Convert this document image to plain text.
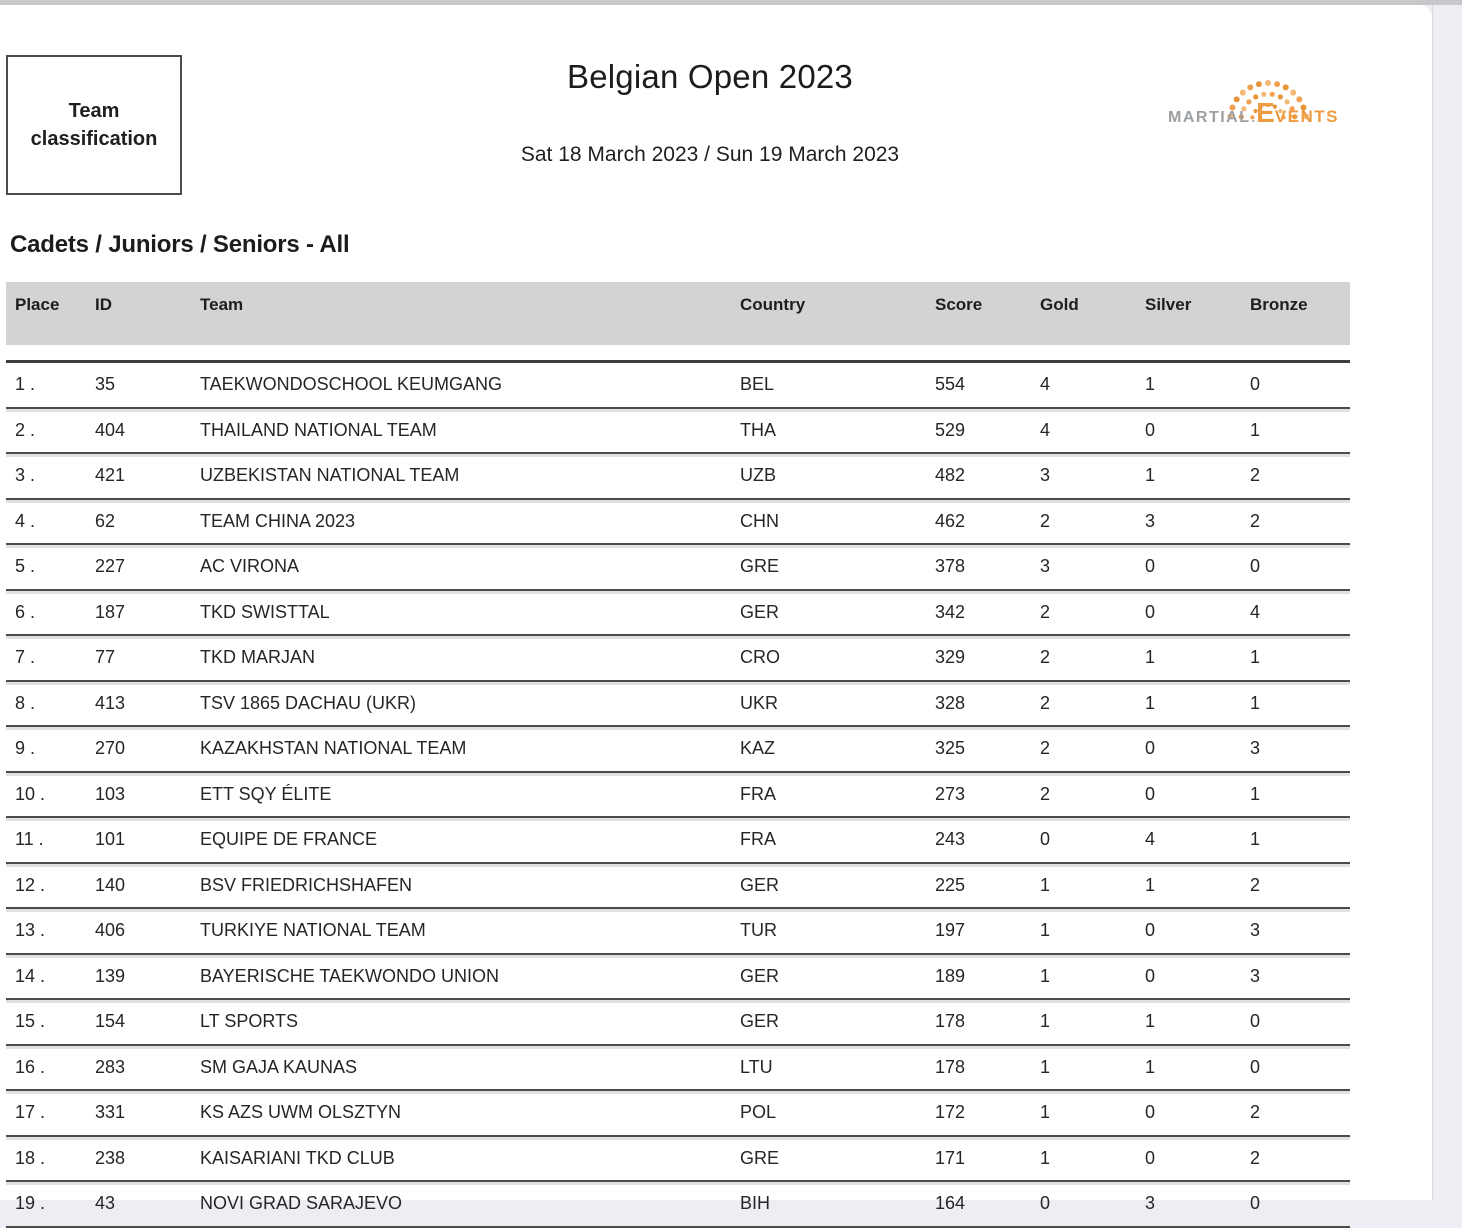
Team classification
Belgian Open 2023
Sat 18 March 2023 / Sun 19 March 2023
MARTIAL . E VENTS
Cadets / Juniors / Seniors - All
Place	ID	Team	Country	Score	Gold	Silver	Bronze
1 .	35	TAEKWONDOSCHOOL KEUMGANG	BEL	554	4	1	0
2 .	404	THAILAND NATIONAL TEAM	THA	529	4	0	1
3 .	421	UZBEKISTAN NATIONAL TEAM	UZB	482	3	1	2
4 .	62	TEAM CHINA 2023	CHN	462	2	3	2
5 .	227	AC VIRONA	GRE	378	3	0	0
6 .	187	TKD SWISTTAL	GER	342	2	0	4
7 .	77	TKD MARJAN	CRO	329	2	1	1
8 .	413	TSV 1865 DACHAU (UKR)	UKR	328	2	1	1
9 .	270	KAZAKHSTAN NATIONAL TEAM	KAZ	325	2	0	3
10 .	103	ETT SQY ÉLITE	FRA	273	2	0	1
11 .	101	EQUIPE DE FRANCE	FRA	243	0	4	1
12 .	140	BSV FRIEDRICHSHAFEN	GER	225	1	1	2
13 .	406	TURKIYE NATIONAL TEAM	TUR	197	1	0	3
14 .	139	BAYERISCHE TAEKWONDO UNION	GER	189	1	0	3
15 .	154	LT SPORTS	GER	178	1	1	0
16 .	283	SM GAJA KAUNAS	LTU	178	1	1	0
17 .	331	KS AZS UWM OLSZTYN	POL	172	1	0	2
18 .	238	KAISARIANI TKD CLUB	GRE	171	1	0	2
19 .	43	NOVI GRAD SARAJEVO	BIH	164	0	3	0
